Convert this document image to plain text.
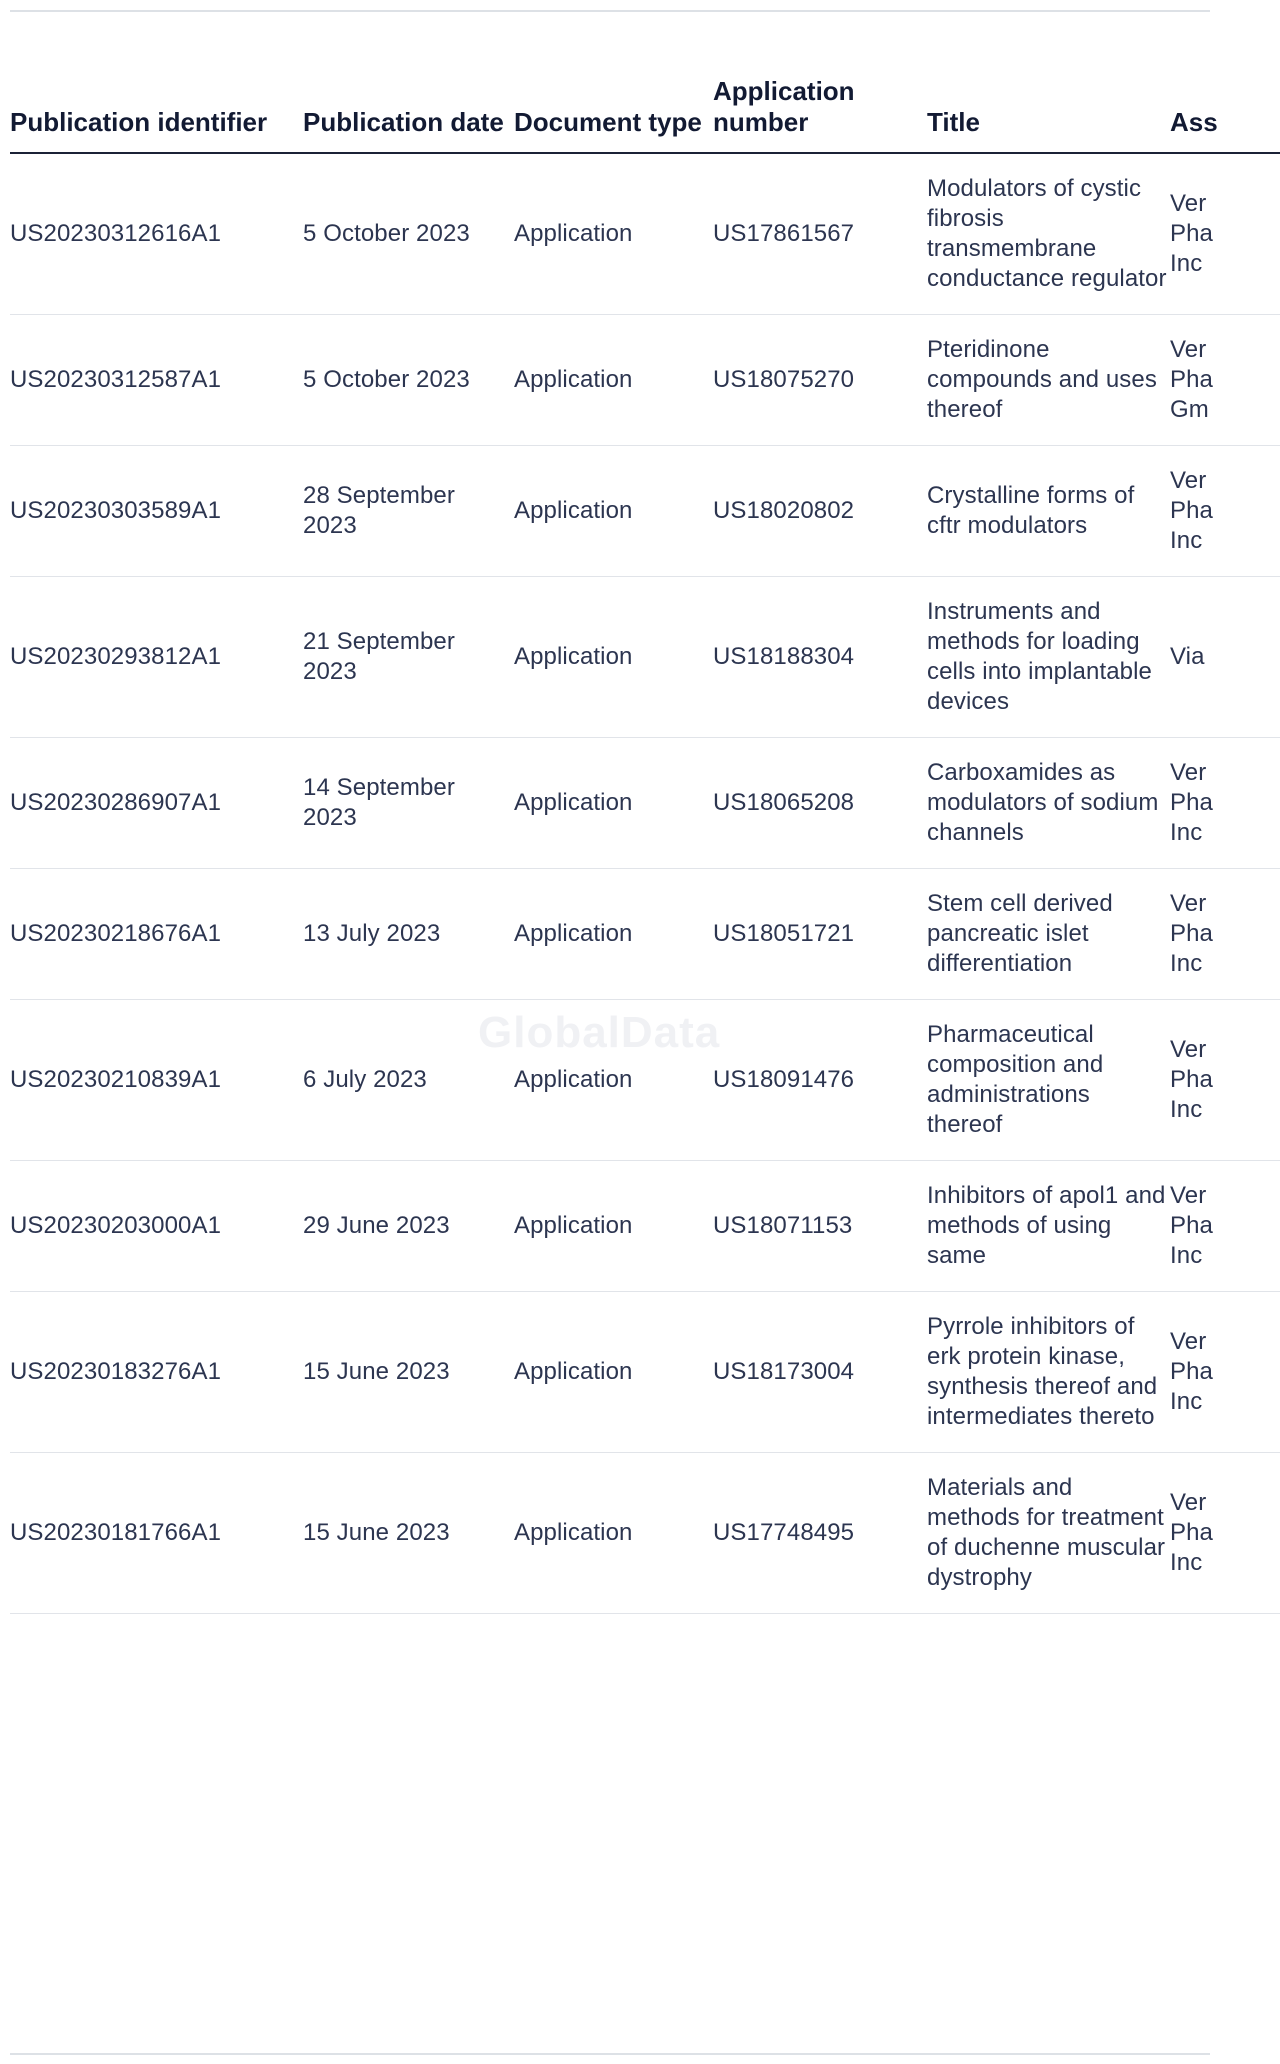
GlobalData
Publication identifier	Publication date	Document type	Application number	Title	Ass
US20230312616A1	5 October 2023	Application	US17861567	Modulators of cystic fibrosis transmembrane conductance regulator	Ver
Pha
Inc

US20230312587A1	5 October 2023	Application	US18075270	Pteridinone compounds and uses thereof	Ver
Pha
Gm

US20230303589A1	28 September 2023	Application	US18020802	Crystalline forms of cftr modulators	Ver
Pha
Inc

US20230293812A1	21 September 2023	Application	US18188304	Instruments and methods for loading cells into implantable devices	Via

US20230286907A1	14 September 2023	Application	US18065208	Carboxamides as modulators of sodium channels	Ver
Pha
Inc

US20230218676A1	13 July 2023	Application	US18051721	Stem cell derived pancreatic islet differentiation	Ver
Pha
Inc

US20230210839A1	6 July 2023	Application	US18091476	Pharmaceutical composition and administrations thereof	Ver
Pha
Inc

US20230203000A1	29 June 2023	Application	US18071153	Inhibitors of apol1 and methods of using same	Ver
Pha
Inc

US20230183276A1	15 June 2023	Application	US18173004	Pyrrole inhibitors of erk protein kinase, synthesis thereof and intermediates thereto	Ver
Pha
Inc

US20230181766A1	15 June 2023	Application	US17748495	Materials and methods for treatment of duchenne muscular dystrophy	Ver
Pha
Inc
